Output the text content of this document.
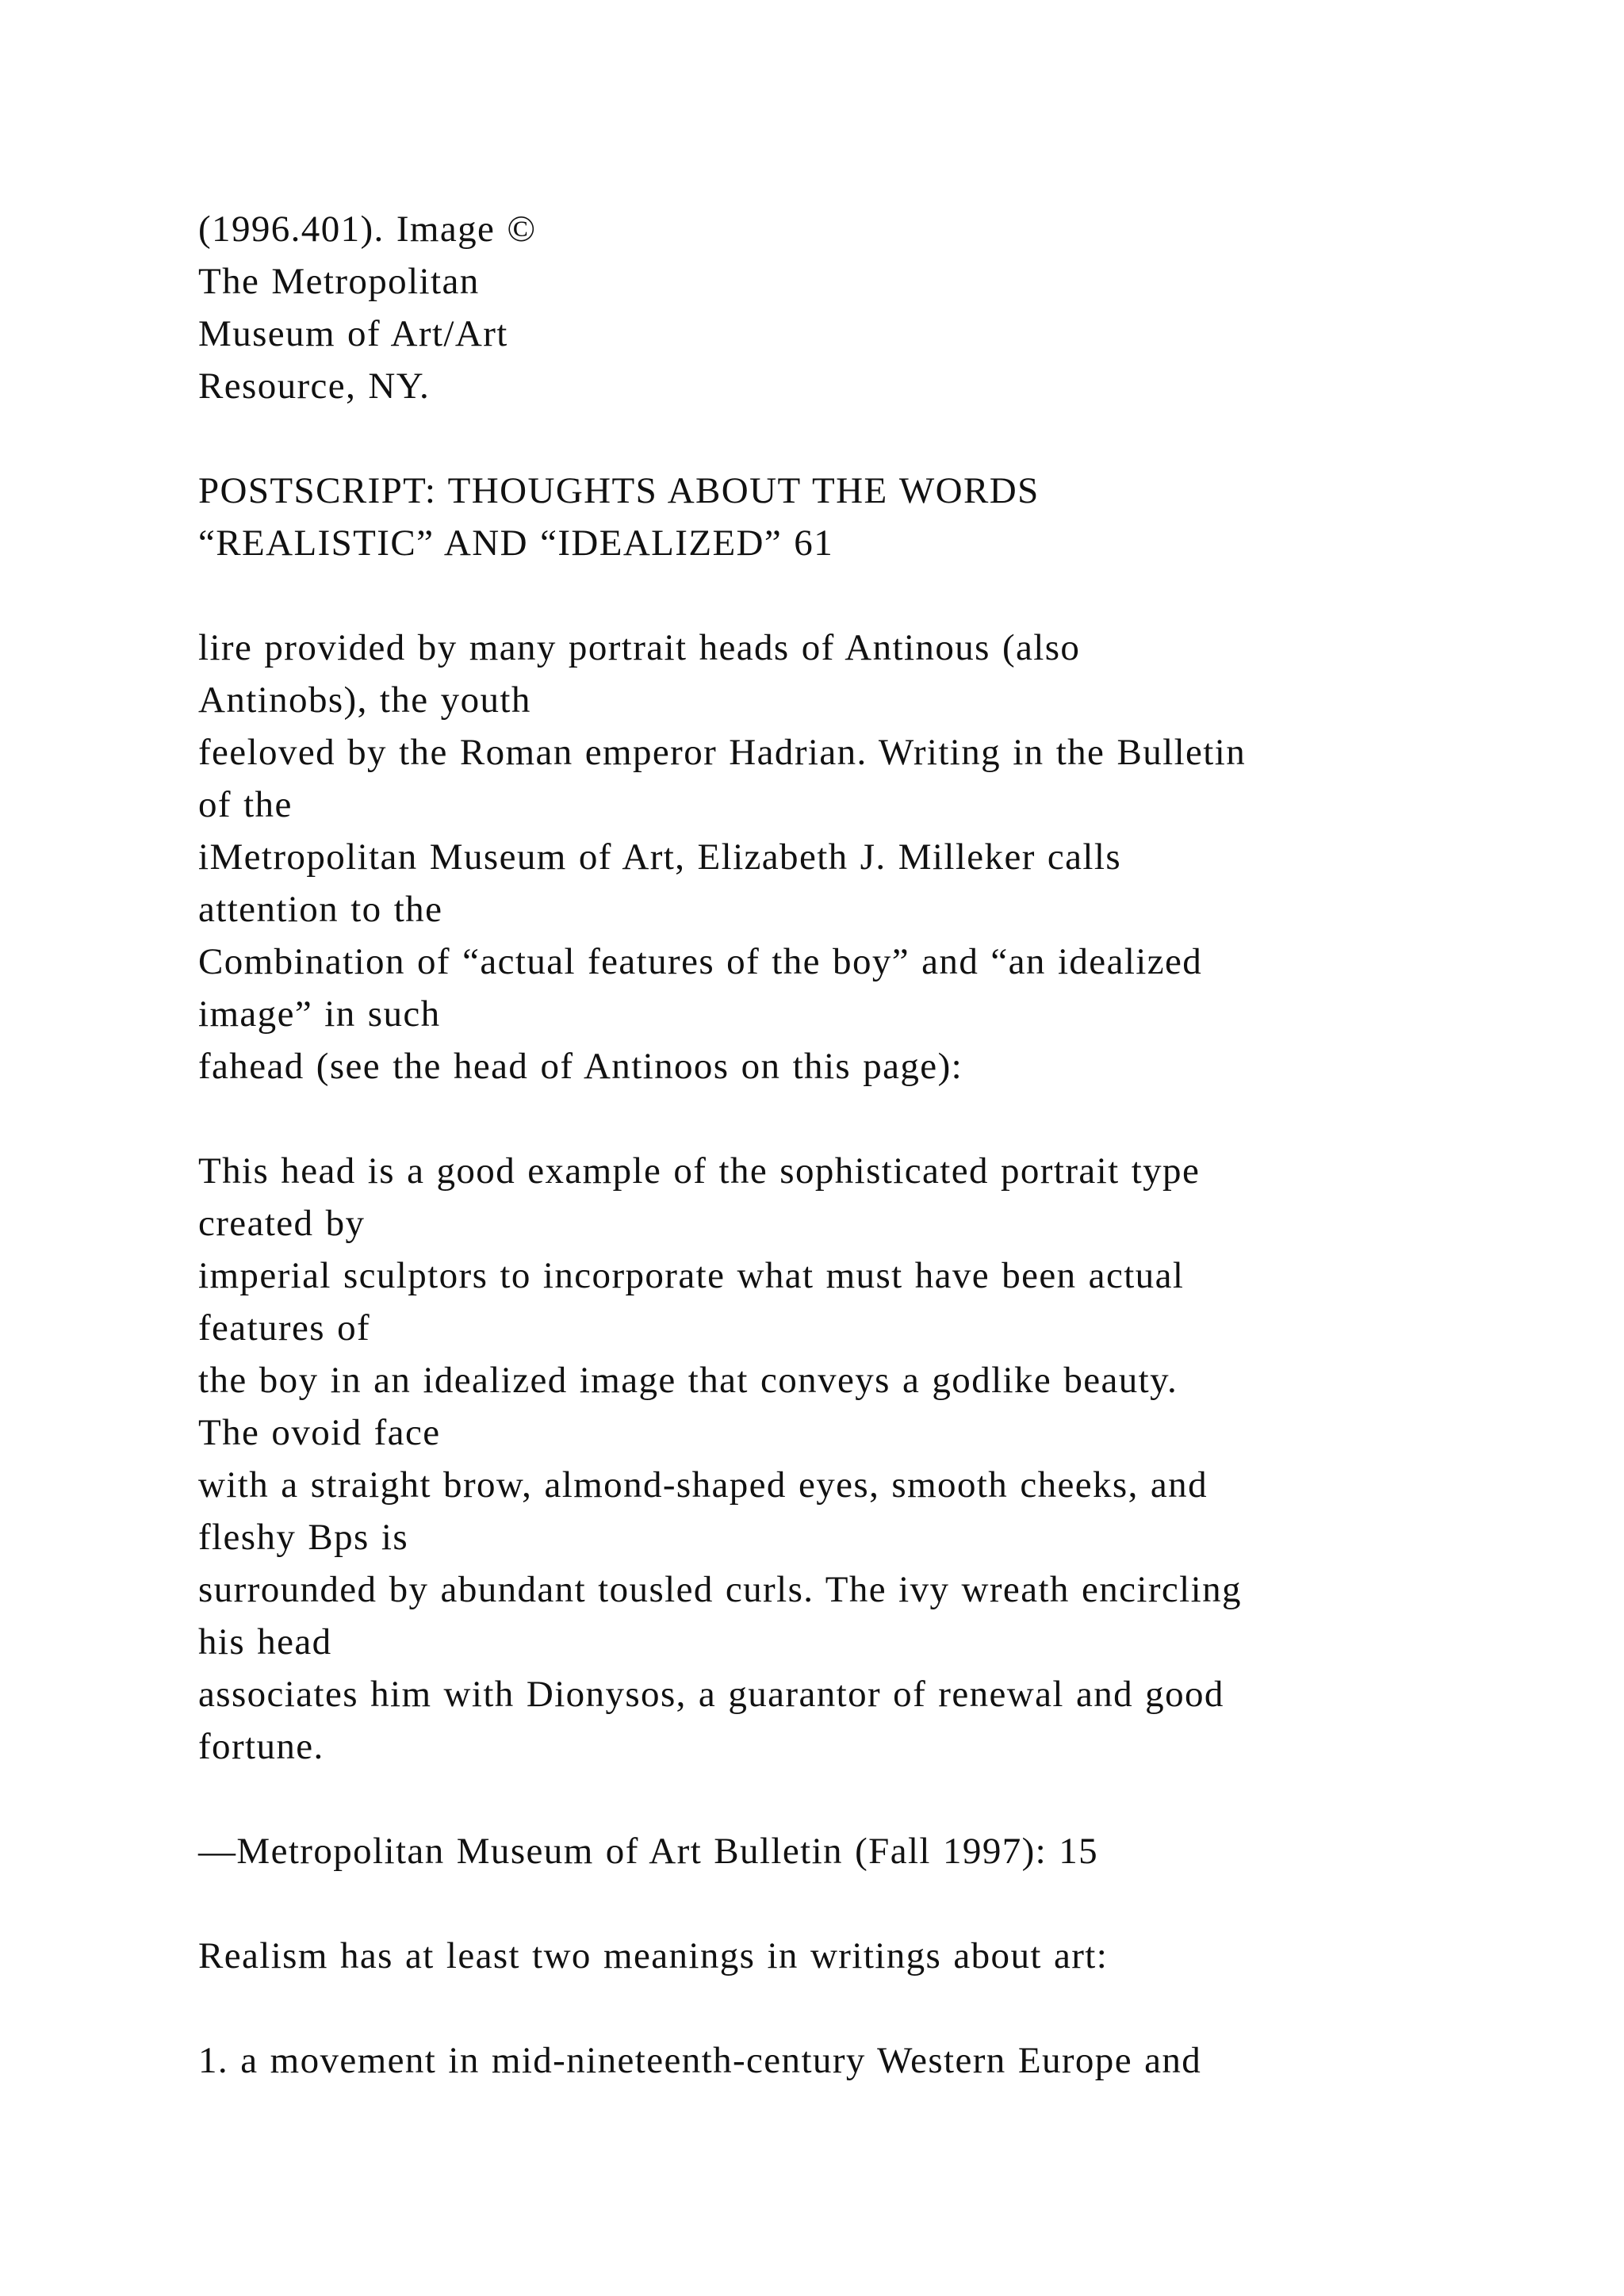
(1996.401). Image ©
The Metropolitan
Museum of Art/Art
Resource, NY.
POSTSCRIPT: THOUGHTS ABOUT THE WORDS
“REALISTIC” AND “IDEALIZED” 61
lire provided by many portrait heads of Antinous (also
Antinobs), the youth
feeloved by the Roman emperor Hadrian. Writing in the Bulletin
of the
iMetropolitan Museum of Art, Elizabeth J. Milleker calls
attention to the
Combination of “actual features of the boy” and “an idealized
image” in such
fahead (see the head of Antinoos on this page):
This head is a good example of the sophisticated portrait type
created by
imperial sculptors to incorporate what must have been actual
features of
the boy in an idealized image that conveys a godlike beauty.
The ovoid face
with a straight brow, almond-shaped eyes, smooth cheeks, and
fleshy Bps is
surrounded by abundant tousled curls. The ivy wreath encircling
his head
associates him with Dionysos, a guarantor of renewal and good
fortune.
—Metropolitan Museum of Art Bulletin (Fall 1997): 15
Realism has at least two meanings in writings about art:
1. a movement in mid-nineteenth-century Western Europe and
